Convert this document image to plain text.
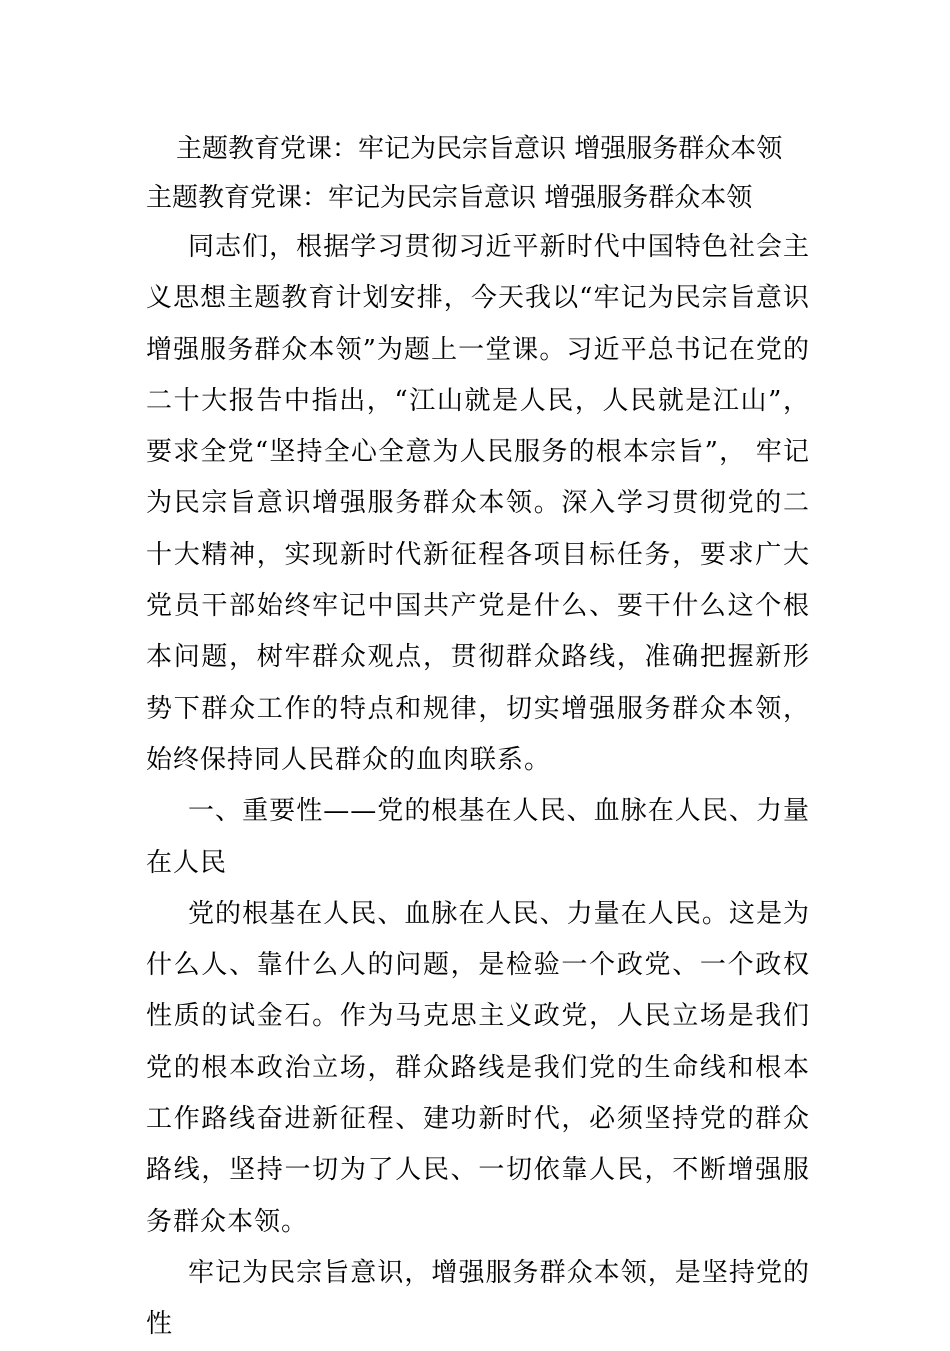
主题教育党课：牢记为民宗旨意识 增强服务群众本领
主题教育党课：牢记为民宗旨意识 增强服务群众本领

同志们，根据学习贯彻习近平新时代中国特色社会主义思想主题教育计划安排，今天我以“牢记为民宗旨意识 增强服务群众本领”为题上一堂课。习近平总书记在党的二十大报告中指出，“江山就是人民，人民就是江山”，要求全党“坚持全心全意为人民服务的根本宗旨”， 牢记为民宗旨意识增强服务群众本领。深入学习贯彻党的二十大精神，实现新时代新征程各项目标任务，要求广大党员干部始终牢记中国共产党是什么、要干什么这个根本问题，树牢群众观点，贯彻群众路线，准确把握新形势下群众工作的特点和规律，切实增强服务群众本领，始终保持同人民群众的血肉联系。

一、重要性——党的根基在人民、血脉在人民、力量在人民

党的根基在人民、血脉在人民、力量在人民。这是为什么人、靠什么人的问题，是检验一个政党、一个政权性质的试金石。作为马克思主义政党，人民立场是我们党的根本政治立场，群众路线是我们党的生命线和根本工作路线奋进新征程、建功新时代，必须坚持党的群众路线，坚持一切为了人民、一切依靠人民，不断增强服务群众本领。

牢记为民宗旨意识，增强服务群众本领，是坚持党的性
